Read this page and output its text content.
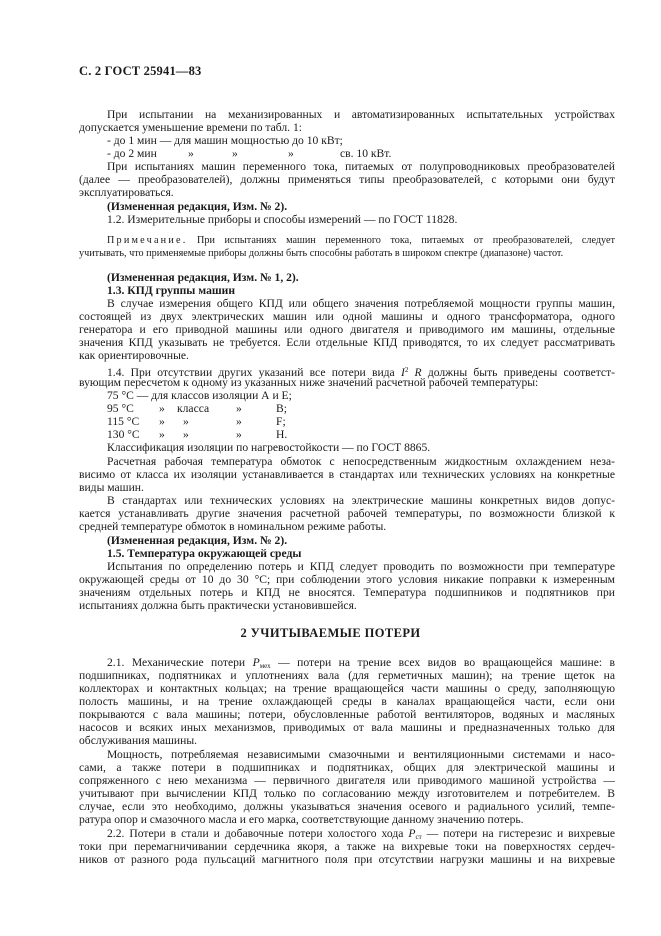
С. 2 ГОСТ 25941—83
При испытании на механизированных и автоматизированных испытательных устройствах
допускается уменьшение времени по табл. 1:
- до 1 мин — для машин мощностью до 10 кВт;
- до 2 мин	»	»	»	св. 10 кВт.
При испытаниях машин переменного тока, питаемых от полупроводниковых преобразователей
(далее — преобразователей), должны применяться типы преобразователей, с которыми они будут
эксплуатироваться.
(Измененная редакция, Изм. № 2).
1.2. Измерительные приборы и способы измерений — по ГОСТ 11828.
Примечание. При испытаниях машин переменного тока, питаемых от преобразователей, следует
учитывать, что применяемые приборы должны быть способны работать в широком спектре (диапазоне) частот.
(Измененная редакция, Изм. № 1, 2).
1.3. КПД группы машин
В случае измерения общего КПД или общего значения потребляемой мощности группы машин,
состоящей из двух электрических машин или одной машины и одного трансформатора, одного
генератора и его приводной машины или одного двигателя и приводимого им машины, отдельные
значения КПД указывать не требуется. Если отдельные КПД приводятся, то их следует рассматривать
как ориентировочные.
1.4. При отсутствии других указаний все потери вида $I^2$ R должны быть приведены соответст-
вующим пересчетом к одному из указанных ниже значений расчетной рабочей температуры:
75 °C — для классов изоляции А и Е;
95 °C » класса »	В;
115 °C » »	»	F;
130 °C » »	»	Н.
Классификация изоляции по нагревостойкости — по ГОСТ 8865.
Расчетная рабочая температура обмоток с непосредственным жидкостным охлаждением неза-
висимо от класса их изоляции устанавливается в стандартах или технических условиях на конкретные
виды машин.
В стандартах или технических условиях на электрические машины конкретных видов допус-
кается устанавливать другие значения расчетной рабочей температуры, по возможности близкой к
средней температуре обмоток в номинальном режиме работы.
(Измененная редакция, Изм. № 2).
1.5. Температура окружающей среды
Испытания по определению потерь и КПД следует проводить по возможности при температуре
окружающей среды от 10 до 30 °С; при соблюдении этого условия никакие поправки к измеренным
значениям отдельных потерь и КПД не вносятся. Температура подшипников и подпятников при
испытаниях должна быть практически установившейся.
2 УЧИТЫВАЕМЫЕ ПОТЕРИ
2.1. Механические потери $P_{мех}$ — потери на трение всех видов во вращающейся машине: в
подшипниках, подпятниках и уплотнениях вала (для герметичных машин); на трение щеток на
коллекторах и контактных кольцах; на трение вращающейся части машины о среду, заполняющую
полость машины, и на трение охлаждающей среды в каналах вращающейся части, если они
покрываются с вала машины; потери, обусловленные работой вентиляторов, водяных и масляных
насосов и всяких иных механизмов, приводимых от вала машины и предназначенных только для
обслуживания машины.
Мощность, потребляемая независимыми смазочными и вентиляционными системами и насо-
сами, а также потери в подшипниках и подпятниках, общих для электрической машины и
сопряженного с нею механизма — первичного двигателя или приводимого машиной устройства —
учитывают при вычислении КПД только по согласованию между изготовителем и потребителем. В
случае, если это необходимо, должны указываться значения осевого и радиального усилий, темпе-
ратура опор и смазочного масла и его марка, соответствующие данному значению потерь.
2.2. Потери в стали и добавочные потери холостого хода $P_{ст}$ — потери на гистерезис и вихревые
токи при перемагничивании сердечника якоря, а также на вихревые токи на поверхностях сердеч-
ников от разного рода пульсаций магнитного поля при отсутствии нагрузки машины и на вихревые
